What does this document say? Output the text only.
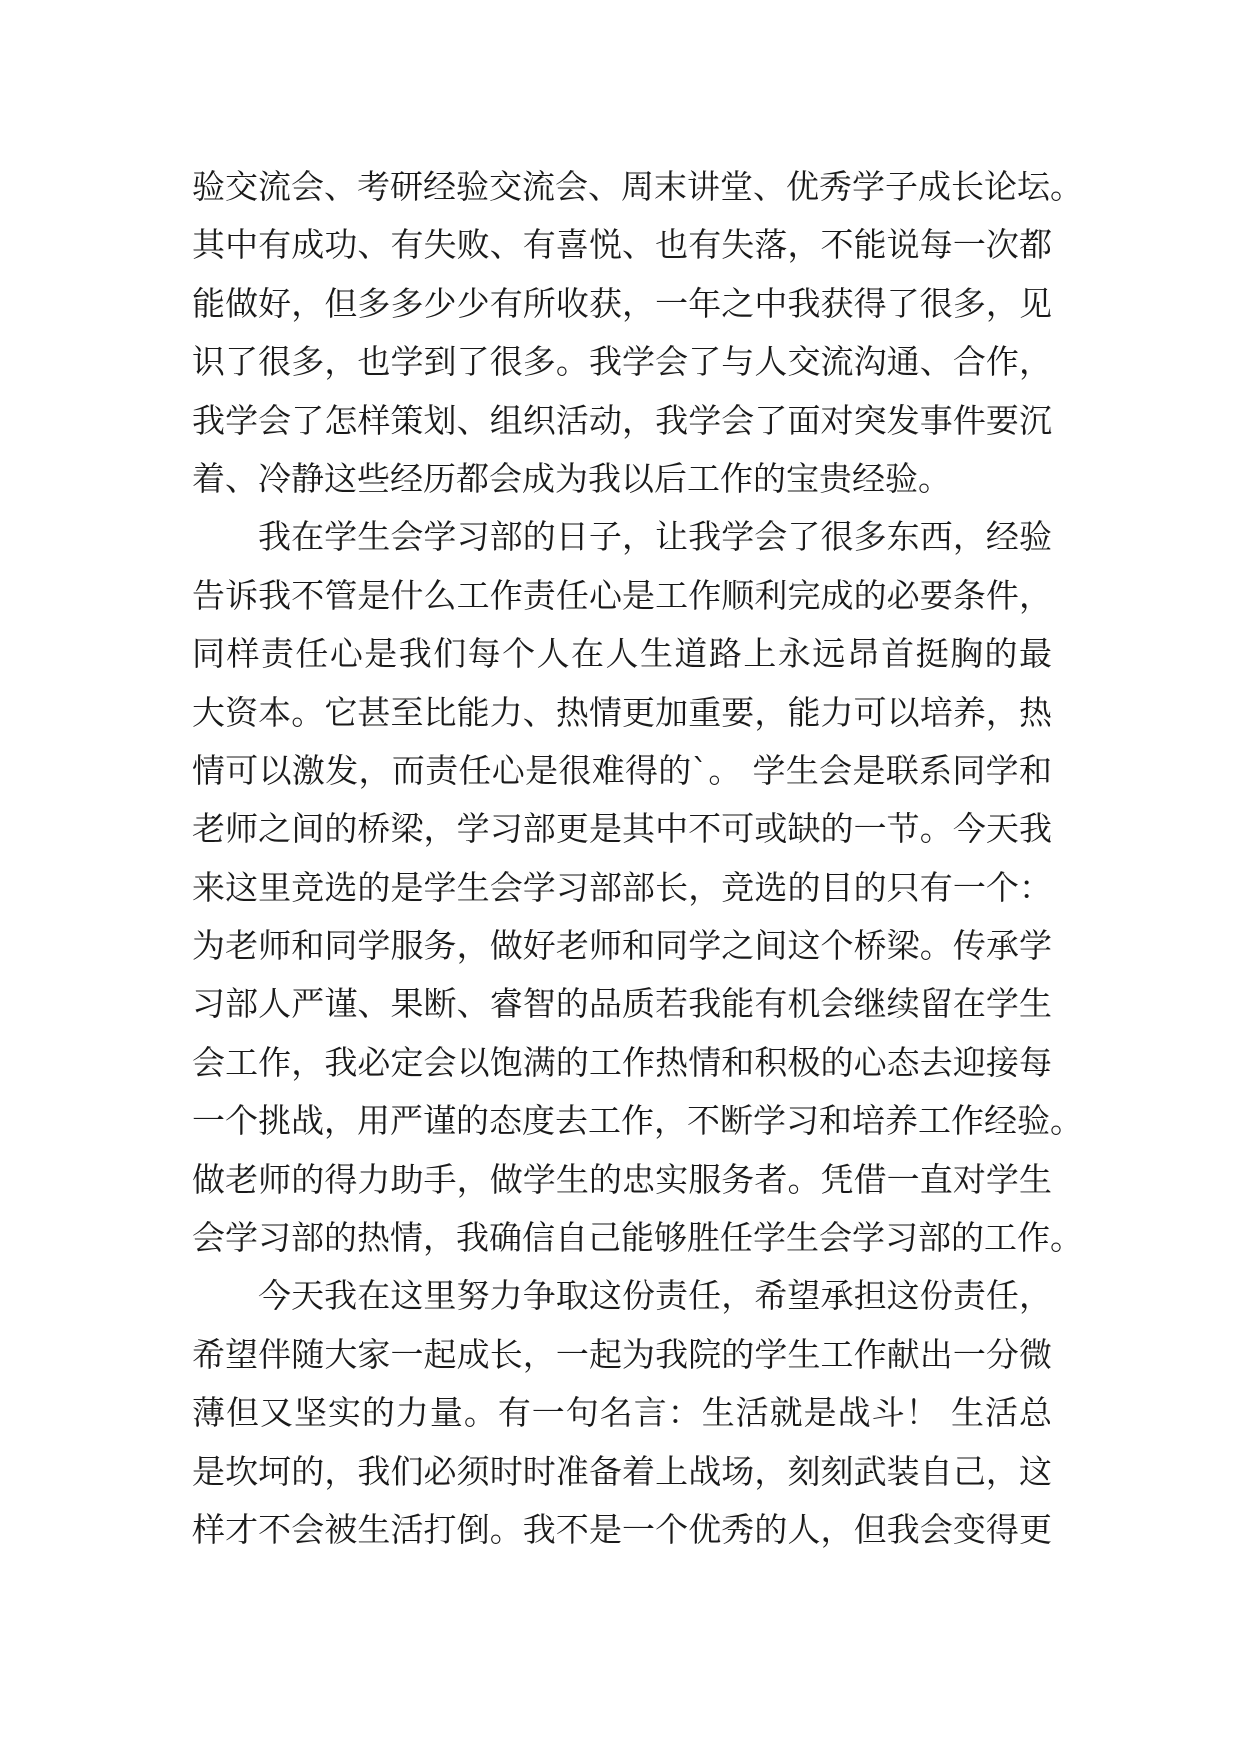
验交流会、考研经验交流会、周末讲堂、优秀学子成长论坛。
其中有成功、有失败、有喜悦、也有失落，不能说每一次都
能做好，但多多少少有所收获，一年之中我获得了很多，见
识了很多，也学到了很多。我学会了与人交流沟通、合作，
我学会了怎样策划、组织活动，我学会了面对突发事件要沉
着、冷静这些经历都会成为我以后工作的宝贵经验。
我在学生会学习部的日子，让我学会了很多东西，经验
告诉我不管是什么工作责任心是工作顺利完成的必要条件，
同样责任心是我们每个人在人生道路上永远昂首挺胸的最
大资本。它甚至比能力、热情更加重要，能力可以培养，热
情可以激发，而责任心是很难得的`。 学生会是联系同学和
老师之间的桥梁，学习部更是其中不可或缺的一节。今天我
来这里竞选的是学生会学习部部长，竞选的目的只有一个：
为老师和同学服务，做好老师和同学之间这个桥梁。传承学
习部人严谨、果断、睿智的品质若我能有机会继续留在学生
会工作，我必定会以饱满的工作热情和积极的心态去迎接每
一个挑战，用严谨的态度去工作，不断学习和培养工作经验。
做老师的得力助手，做学生的忠实服务者。凭借一直对学生
会学习部的热情，我确信自己能够胜任学生会学习部的工作。
今天我在这里努力争取这份责任，希望承担这份责任，
希望伴随大家一起成长，一起为我院的学生工作献出一分微
薄但又坚实的力量。有一句名言：生活就是战斗！ 生活总
是坎坷的，我们必须时时准备着上战场，刻刻武装自己，这
样才不会被生活打倒。我不是一个优秀的人，但我会变得更
